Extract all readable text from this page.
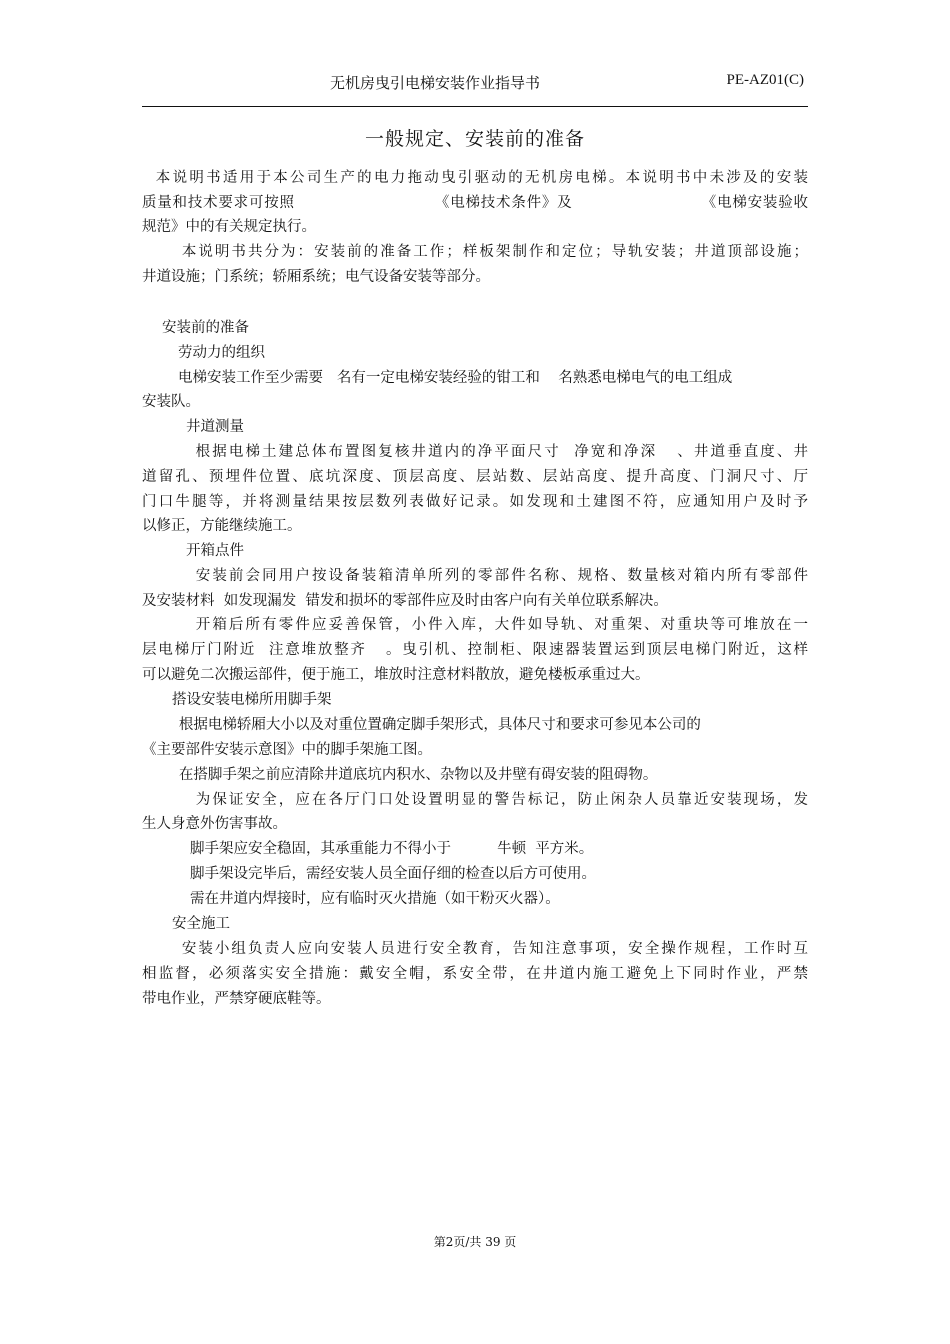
无机房曳引电梯安装作业指导书	PE-AZ01(C)
一般规定、安装前的准备
本说明书适用于本公司生产的电力拖动曳引驱动的无机房电梯。本说明书中未涉及的安装
质量和技术要求可按照                          《电梯技术条件》及                        《电梯安装验收
规范》中的有关规定执行。
本说明书共分为：安装前的准备工作；样板架制作和定位；导轨安装；井道顶部设施；
井道设施；门系统；轿厢系统；电气设备安装等部分。
安装前的准备
劳动力的组织
电梯安装工作至少需要   名有一定电梯安装经验的钳工和    名熟悉电梯电气的电工组成
安装队。
井道测量
根据电梯土建总体布置图复核井道内的净平面尺寸  净宽和净深   、井道垂直度、井
道留孔、预埋件位置、底坑深度、顶层高度、层站数、层站高度、提升高度、门洞尺寸、厅
门口牛腿等，并将测量结果按层数列表做好记录。如发现和土建图不符，应通知用户及时予
以修正，方能继续施工。
开箱点件
安装前会同用户按设备装箱清单所列的零部件名称、规格、数量核对箱内所有零部件
及安装材料  如发现漏发  错发和损坏的零部件应及时由客户向有关单位联系解决。
开箱后所有零件应妥善保管，小件入库，大件如导轨、对重架、对重块等可堆放在一
层电梯厅门附近  注意堆放整齐   。曳引机、控制柜、限速器装置运到顶层电梯门附近，这样
可以避免二次搬运部件，便于施工，堆放时注意材料散放，避免楼板承重过大。
搭设安装电梯所用脚手架
根据电梯轿厢大小以及对重位置确定脚手架形式，具体尺寸和要求可参见本公司的
《主要部件安装示意图》中的脚手架施工图。
在搭脚手架之前应清除井道底坑内积水、杂物以及井壁有碍安装的阻碍物。
为保证安全，应在各厅门口处设置明显的警告标记，防止闲杂人员靠近安装现场，发
生人身意外伤害事故。
脚手架应安全稳固，其承重能力不得小于          牛顿  平方米。
脚手架设完毕后，需经安装人员全面仔细的检查以后方可使用。
需在井道内焊接时，应有临时灭火措施（如干粉灭火器）。
安全施工
安装小组负责人应向安装人员进行安全教育，告知注意事项，安全操作规程，工作时互
相监督，必须落实安全措施：戴安全帽，系安全带，在井道内施工避免上下同时作业，严禁
带电作业，严禁穿硬底鞋等。
第2页/共 39 页
